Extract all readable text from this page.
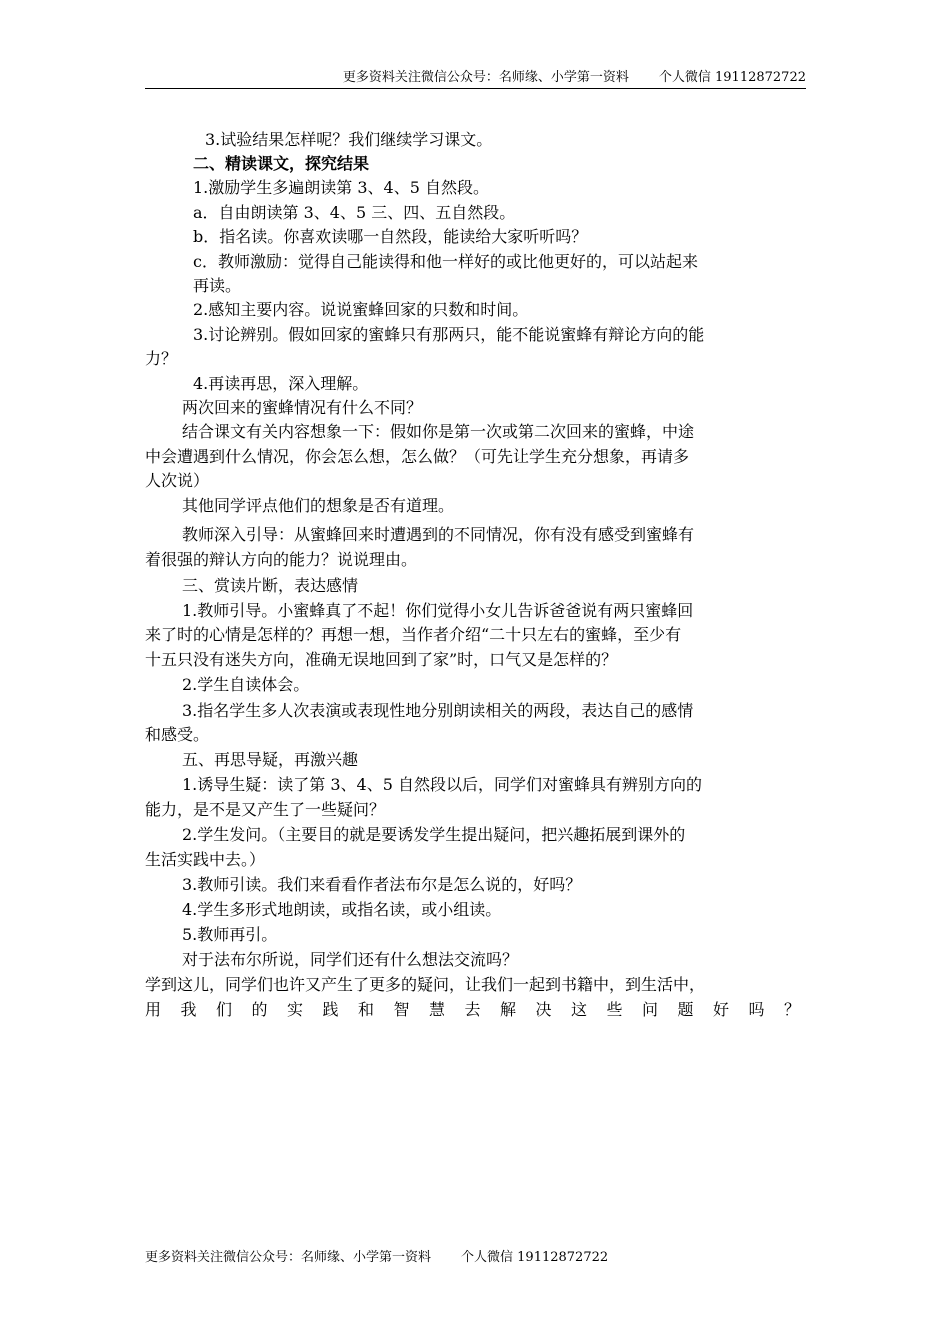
更多资料关注微信公众号：名师缘、小学第一资料 个人微信 19112872722
3.试验结果怎样呢？我们继续学习课文。
二、精读课文，探究结果
1.激励学生多遍朗读第 3、4、5 自然段。
a．自由朗读第 3、4、5 三、四、五自然段。
b．指名读。你喜欢读哪一自然段，能读给大家听听吗？
c．教师激励：觉得自己能读得和他一样好的或比他更好的，可以站起来
再读。
2.感知主要内容。说说蜜蜂回家的只数和时间。
3.讨论辨别。假如回家的蜜蜂只有那两只，能不能说蜜蜂有辩论方向的能
力？
4.再读再思，深入理解。
两次回来的蜜蜂情况有什么不同？
结合课文有关内容想象一下：假如你是第一次或第二次回来的蜜蜂，中途
中会遭遇到什么情况，你会怎么想，怎么做？（可先让学生充分想象，再请多
人次说）
其他同学评点他们的想象是否有道理。
教师深入引导：从蜜蜂回来时遭遇到的不同情况，你有没有感受到蜜蜂有
着很强的辩认方向的能力？说说理由。
三、赏读片断，表达感情
1.教师引导。小蜜蜂真了不起！你们觉得小女儿告诉爸爸说有两只蜜蜂回
来了时的心情是怎样的？再想一想，当作者介绍“二十只左右的蜜蜂，至少有
十五只没有迷失方向，准确无误地回到了家”时，口气又是怎样的？
2.学生自读体会。
3.指名学生多人次表演或表现性地分别朗读相关的两段，表达自己的感情
和感受。
五、再思导疑，再激兴趣
1.诱导生疑：读了第 3、4、5 自然段以后，同学们对蜜蜂具有辨别方向的
能力，是不是又产生了一些疑问？
2.学生发问。（主要目的就是要诱发学生提出疑问，把兴趣拓展到课外的
生活实践中去。）
3.教师引读。我们来看看作者法布尔是怎么说的，好吗？
4.学生多形式地朗读，或指名读，或小组读。
5.教师再引。
对于法布尔所说，同学们还有什么想法交流吗？
学到这儿，同学们也许又产生了更多的疑问，让我们一起到书籍中，到生活中，
用我们的实践和智慧去解决这些问题好吗？
更多资料关注微信公众号：名师缘、小学第一资料 个人微信 19112872722
